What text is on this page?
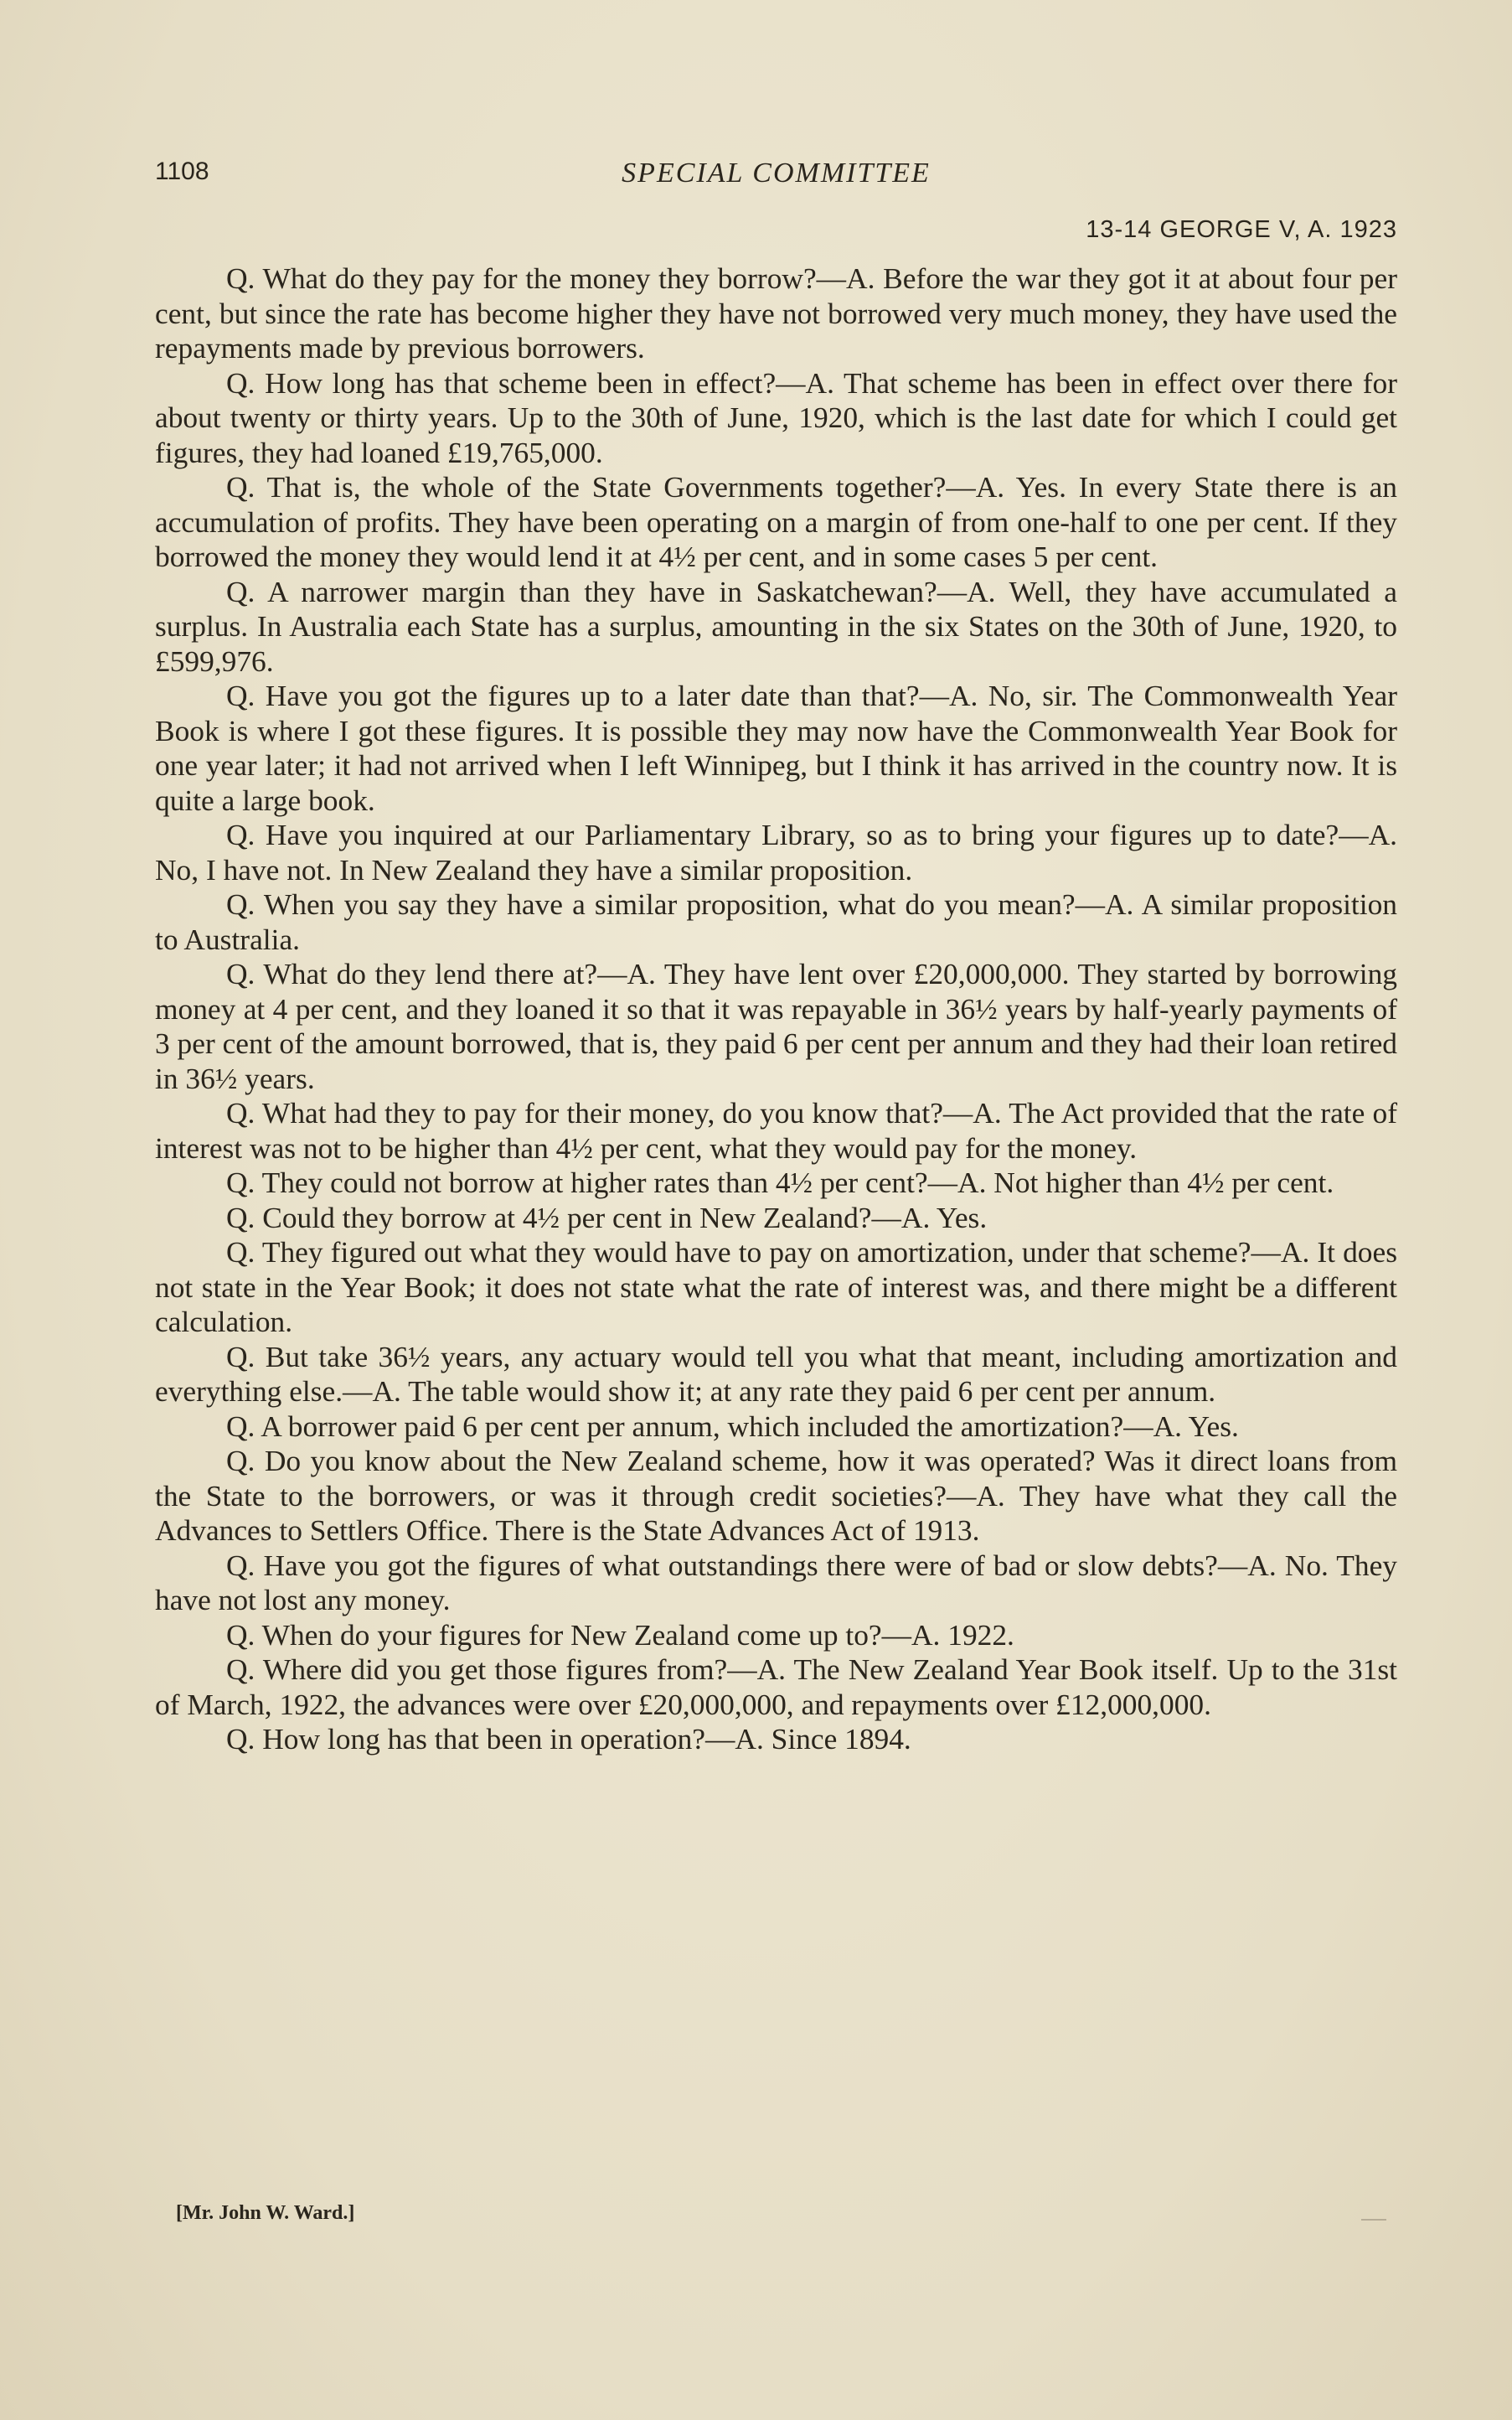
1108	SPECIAL COMMITTEE
13-14 GEORGE V, A. 1923

Q. What do they pay for the money they borrow?—A. Before the war they got it at about four per cent, but since the rate has become higher they have not borrowed very much money, they have used the repayments made by previous borrowers.

Q. How long has that scheme been in effect?—A. That scheme has been in effect over there for about twenty or thirty years. Up to the 30th of June, 1920, which is the last date for which I could get figures, they had loaned £19,765,000.

Q. That is, the whole of the State Governments together?—A. Yes. In every State there is an accumulation of profits. They have been operating on a margin of from one-half to one per cent. If they borrowed the money they would lend it at 4½ per cent, and in some cases 5 per cent.

Q. A narrower margin than they have in Saskatchewan?—A. Well, they have accumulated a surplus. In Australia each State has a surplus, amounting in the six States on the 30th of June, 1920, to £599,976.

Q. Have you got the figures up to a later date than that?—A. No, sir. The Commonwealth Year Book is where I got these figures. It is possible they may now have the Commonwealth Year Book for one year later; it had not arrived when I left Winnipeg, but I think it has arrived in the country now. It is quite a large book.

Q. Have you inquired at our Parliamentary Library, so as to bring your figures up to date?—A. No, I have not. In New Zealand they have a similar proposition.

Q. When you say they have a similar proposition, what do you mean?—A. A similar proposition to Australia.

Q. What do they lend there at?—A. They have lent over £20,000,000. They started by borrowing money at 4 per cent, and they loaned it so that it was repayable in 36½ years by half-yearly payments of 3 per cent of the amount borrowed, that is, they paid 6 per cent per annum and they had their loan retired in 36½ years.

Q. What had they to pay for their money, do you know that?—A. The Act provided that the rate of interest was not to be higher than 4½ per cent, what they would pay for the money.

Q. They could not borrow at higher rates than 4½ per cent?—A. Not higher than 4½ per cent.

Q. Could they borrow at 4½ per cent in New Zealand?—A. Yes.

Q. They figured out what they would have to pay on amortization, under that scheme?—A. It does not state in the Year Book; it does not state what the rate of interest was, and there might be a different calculation.

Q. But take 36½ years, any actuary would tell you what that meant, including amortization and everything else.—A. The table would show it; at any rate they paid 6 per cent per annum.

Q. A borrower paid 6 per cent per annum, which included the amortization?—A. Yes.

Q. Do you know about the New Zealand scheme, how it was operated? Was it direct loans from the State to the borrowers, or was it through credit societies?—A. They have what they call the Advances to Settlers Office. There is the State Advances Act of 1913.

Q. Have you got the figures of what outstandings there were of bad or slow debts?—A. No. They have not lost any money.

Q. When do your figures for New Zealand come up to?—A. 1922.

Q. Where did you get those figures from?—A. The New Zealand Year Book itself. Up to the 31st of March, 1922, the advances were over £20,000,000, and repayments over £12,000,000.

Q. How long has that been in operation?—A. Since 1894.

[Mr. John W. Ward.]
